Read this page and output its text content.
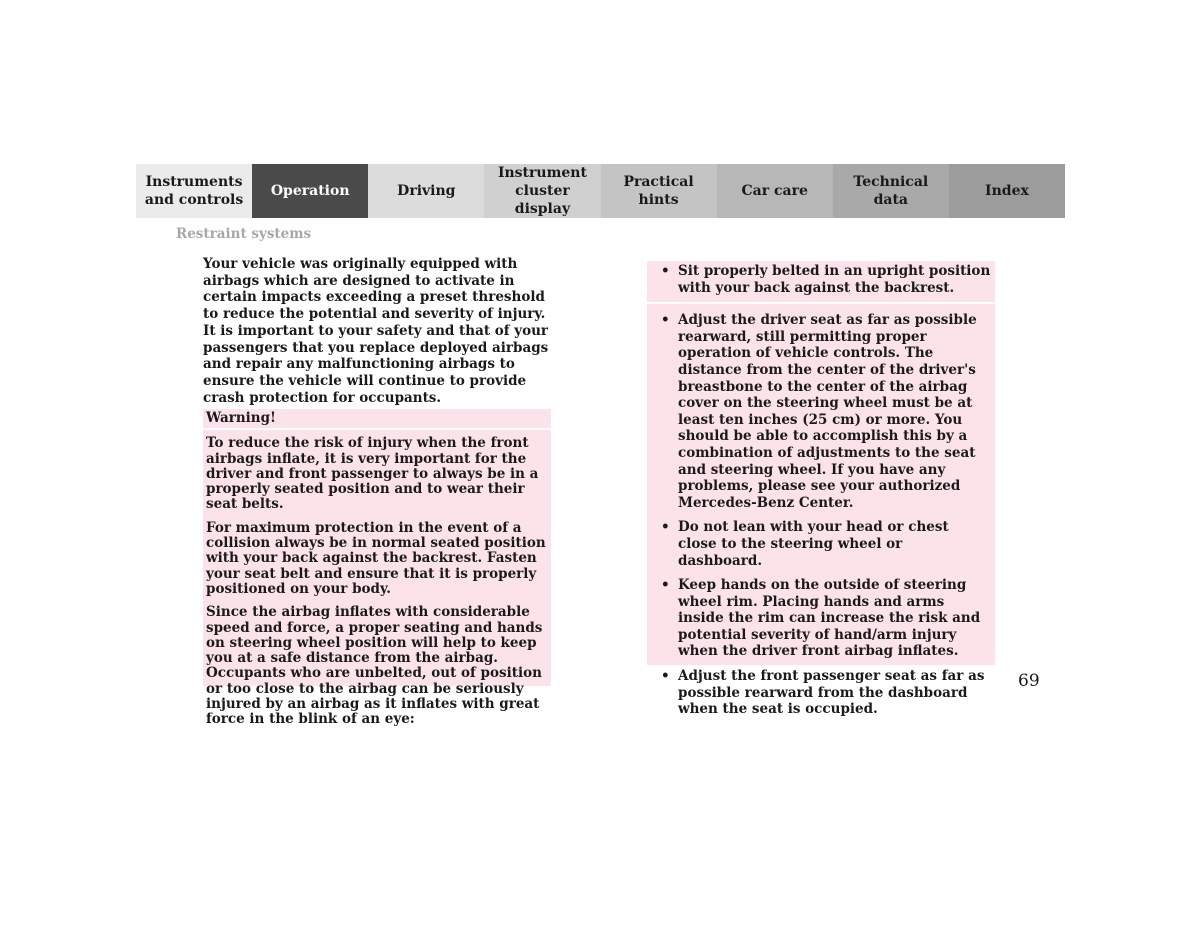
Instruments
and controls
Operation	Driving
Instrument
cluster display
Practical hints
Car care
Technical
data
Index
Restraint systems

Your vehicle was originally equipped with airbags which are designed to activate in certain impacts exceeding a preset threshold to reduce the potential and severity of injury. It is important to your safety and that of your passengers that you replace deployed airbags and repair any malfunctioning airbags to ensure the vehicle will continue to provide crash protection for occupants.

Warning!

To reduce the risk of injury when the front airbags inflate, it is very important for the driver and front passenger to always be in a properly seated position and to wear their seat belts.

For maximum protection in the event of a collision always be in normal seated position with your back against the backrest. Fasten your seat belt and ensure that it is properly positioned on your body.

Since the airbag inflates with considerable speed and force, a proper seating and hands on steering wheel position will help to keep you at a safe distance from the airbag. Occupants who are unbelted, out of position or too close to the airbag can be seriously injured by an airbag as it inflates with great force in the blink of an eye:

• Sit properly belted in an upright position with your back against the backrest.
• Adjust the driver seat as far as possible rearward, still permitting proper operation of vehicle controls. The distance from the center of the driver's breastbone to the center of the airbag cover on the steering wheel must be at least ten inches (25 cm) or more. You should be able to accomplish this by a combination of adjustments to the seat and steering wheel. If you have any problems, please see your authorized Mercedes-Benz Center.
• Do not lean with your head or chest close to the steering wheel or dashboard.
• Keep hands on the outside of steering wheel rim. Placing hands and arms inside the rim can increase the risk and potential severity of hand/arm injury when the driver front airbag inflates.
• Adjust the front passenger seat as far as possible rearward from the dashboard when the seat is occupied.
69
